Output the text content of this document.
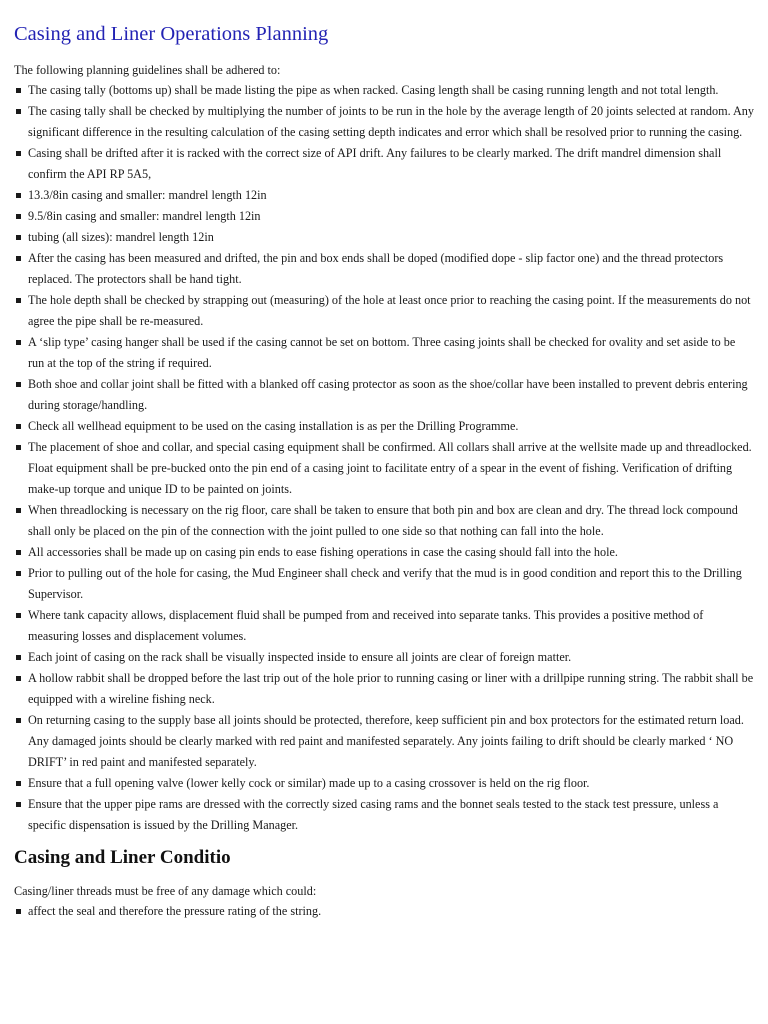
Casing and Liner Operations Planning

The following planning guidelines shall be adhered to:

The casing tally (bottoms up) shall be made listing the pipe as when racked. Casing length shall be casing running length and not total length.
The casing tally shall be checked by multiplying the number of joints to be run in the hole by the average length of 20 joints selected at random. Any significant difference in the resulting calculation of the casing setting depth indicates and error which shall be resolved prior to running the casing.
Casing shall be drifted after it is racked with the correct size of API drift. Any failures to be clearly marked. The drift mandrel dimension shall confirm the API RP 5A5,
13.3/8in casing and smaller: mandrel length 12in
9.5/8in casing and smaller: mandrel length 12in
tubing (all sizes): mandrel length 12in
After the casing has been measured and drifted, the pin and box ends shall be doped (modified dope - slip factor one) and the thread protectors replaced. The protectors shall be hand tight.
The hole depth shall be checked by strapping out (measuring) of the hole at least once prior to reaching the casing point. If the measurements do not agree the pipe shall be re-measured.
A ‘slip type’ casing hanger shall be used if the casing cannot be set on bottom. Three casing joints shall be checked for ovality and set aside to be run at the top of the string if required.
Both shoe and collar joint shall be fitted with a blanked off casing protector as soon as the shoe/collar have been installed to prevent debris entering during storage/handling.
Check all wellhead equipment to be used on the casing installation is as per the Drilling Programme.
The placement of shoe and collar, and special casing equipment shall be confirmed. All collars shall arrive at the wellsite made up and threadlocked. Float equipment shall be pre-bucked onto the pin end of a casing joint to facilitate entry of a spear in the event of fishing. Verification of drifting make-up torque and unique ID to be painted on joints.
When threadlocking is necessary on the rig floor, care shall be taken to ensure that both pin and box are clean and dry. The thread lock compound shall only be placed on the pin of the connection with the joint pulled to one side so that nothing can fall into the hole.
All accessories shall be made up on casing pin ends to ease fishing operations in case the casing should fall into the hole.
Prior to pulling out of the hole for casing, the Mud Engineer shall check and verify that the mud is in good condition and report this to the Drilling Supervisor.
Where tank capacity allows, displacement fluid shall be pumped from and received into separate tanks. This provides a positive method of measuring losses and displacement volumes.
Each joint of casing on the rack shall be visually inspected inside to ensure all joints are clear of foreign matter.
A hollow rabbit shall be dropped before the last trip out of the hole prior to running casing or liner with a drillpipe running string. The rabbit shall be equipped with a wireline fishing neck.
On returning casing to the supply base all joints should be protected, therefore, keep sufficient pin and box protectors for the estimated return load. Any damaged joints should be clearly marked with red paint and manifested separately. Any joints failing to drift should be clearly marked ‘ NO DRIFT’ in red paint and manifested separately.
Ensure that a full opening valve (lower kelly cock or similar) made up to a casing crossover is held on the rig floor.
Ensure that the upper pipe rams are dressed with the correctly sized casing rams and the bonnet seals tested to the stack test pressure, unless a specific dispensation is issued by the Drilling Manager.
Casing and Liner Conditio

Casing/liner threads must be free of any damage which could:

affect the seal and therefore the pressure rating of the string.
